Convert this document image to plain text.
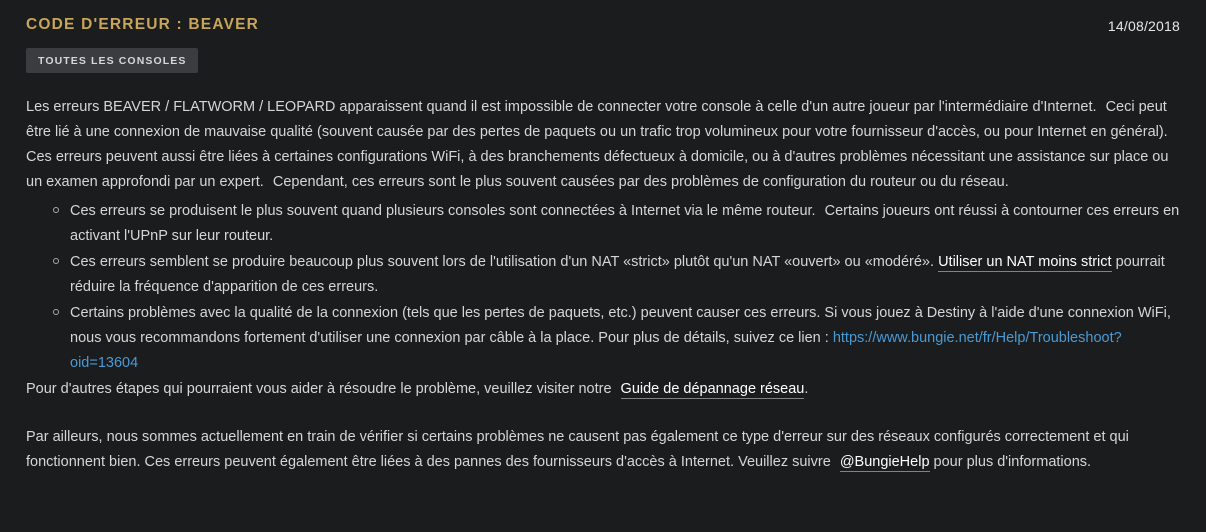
CODE D'ERREUR : BEAVER	14/08/2018
TOUTES LES CONSOLES

Les erreurs BEAVER / FLATWORM / LEOPARD apparaissent quand il est impossible de connecter votre console à celle d'un autre joueur par l'intermédiaire d'Internet. Ceci peut être lié à une connexion de mauvaise qualité (souvent causée par des pertes de paquets ou un trafic trop volumineux pour votre fournisseur d'accès, ou pour Internet en général). Ces erreurs peuvent aussi être liées à certaines configurations WiFi, à des branchements défectueux à domicile, ou à d'autres problèmes nécessitant une assistance sur place ou un examen approfondi par un expert. Cependant, ces erreurs sont le plus souvent causées par des problèmes de configuration du routeur ou du réseau.

Ces erreurs se produisent le plus souvent quand plusieurs consoles sont connectées à Internet via le même routeur. Certains joueurs ont réussi à contourner ces erreurs en activant l'UPnP sur leur routeur.
Ces erreurs semblent se produire beaucoup plus souvent lors de l'utilisation d'un NAT «strict» plutôt qu'un NAT «ouvert» ou «modéré». Utiliser un NAT moins strict pourrait réduire la fréquence d'apparition de ces erreurs.
Certains problèmes avec la qualité de la connexion (tels que les pertes de paquets, etc.) peuvent causer ces erreurs. Si vous jouez à Destiny à l'aide d'une connexion WiFi, nous vous recommandons fortement d'utiliser une connexion par câble à la place. Pour plus de détails, suivez ce lien : https://www.bungie.net/fr/Help/Troubleshoot?oid=13604

Pour d'autres étapes qui pourraient vous aider à résoudre le problème, veuillez visiter notre Guide de dépannage réseau.

Par ailleurs, nous sommes actuellement en train de vérifier si certains problèmes ne causent pas également ce type d'erreur sur des réseaux configurés correctement et qui fonctionnent bien. Ces erreurs peuvent également être liées à des pannes des fournisseurs d'accès à Internet. Veuillez suivre @BungieHelp pour plus d'informations.
